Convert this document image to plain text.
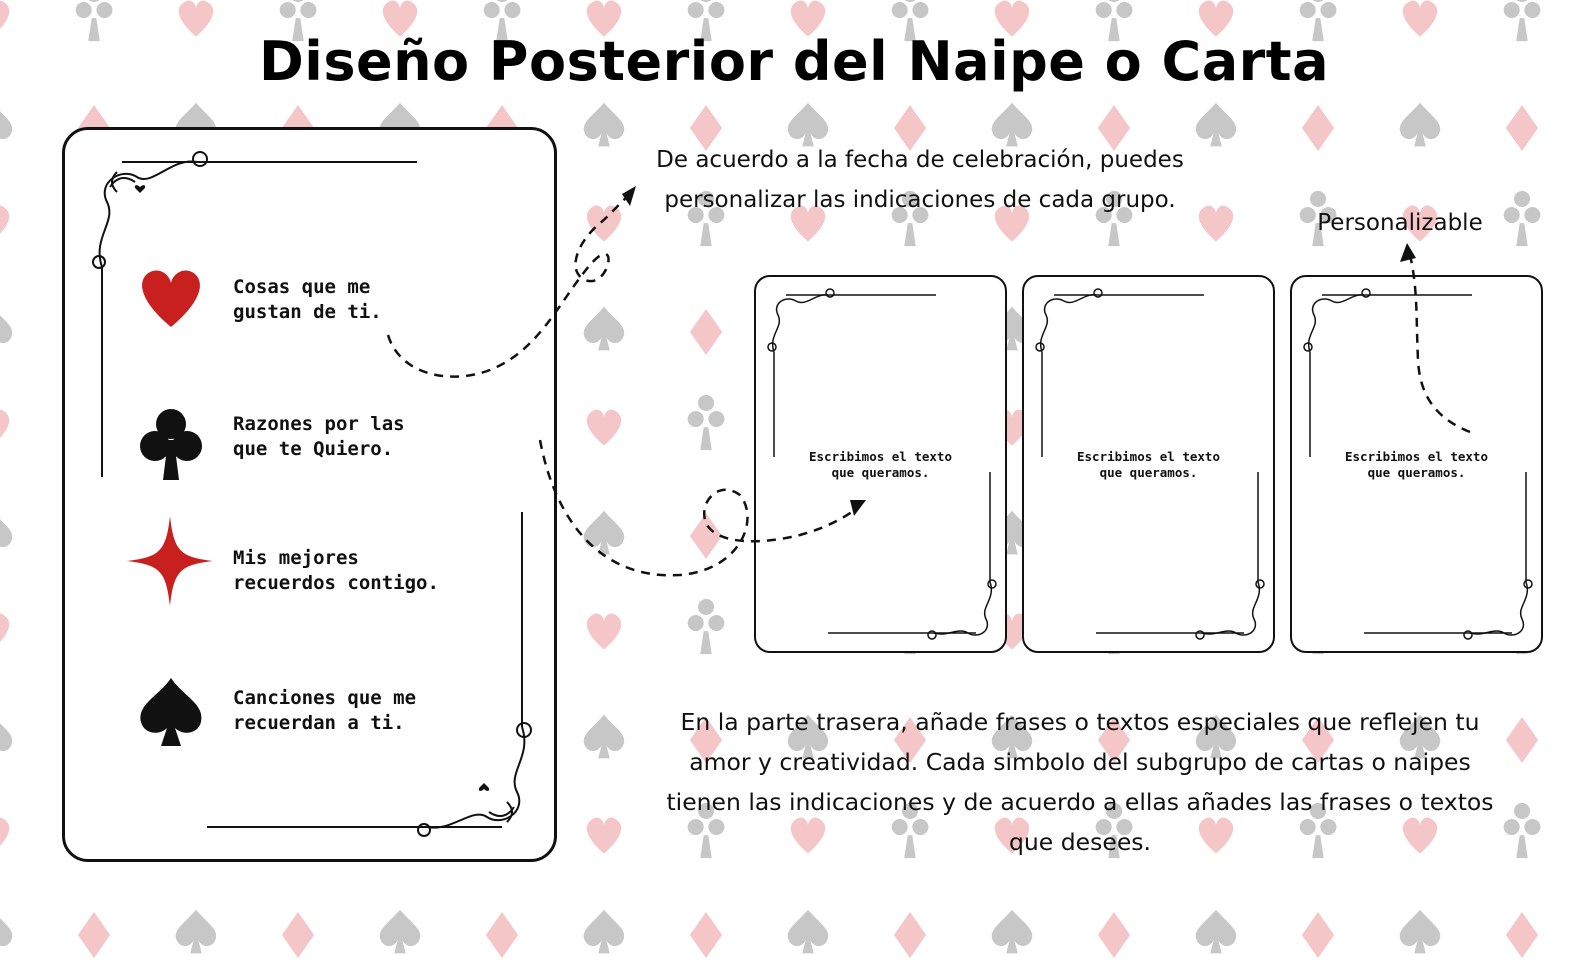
Diseño Posterior del Naipe o Carta
Cosas que me
gustan de ti.
Razones por las
que te Quiero.
Mis mejores
recuerdos contigo.
Canciones que me
recuerdan a ti.
De acuerdo a la fecha de celebración, puedes
personalizar las indicaciones de cada grupo.
Personalizable
Escribimos el texto
que queramos.
Escribimos el texto
que queramos.
Escribimos el texto
que queramos.
En la parte trasera, añade frases o textos especiales que reflejen tu
amor y creatividad. Cada simbolo del subgrupo de cartas o naipes
tienen las indicaciones y de acuerdo a ellas añades las frases o textos
que desees.
